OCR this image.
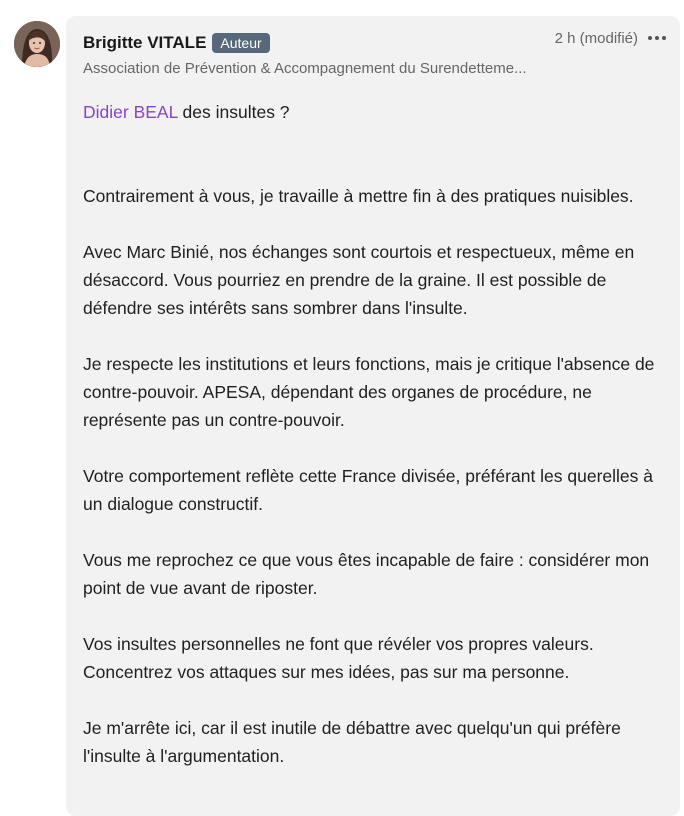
Brigitte VITALE	Auteur	2 h (modifié)
Association de Prévention & Accompagnement du Surendetteme...

Didier BEAL des insultes ?

Contrairement à vous, je travaille à mettre fin à des pratiques nuisibles.

Avec Marc Binié, nos échanges sont courtois et respectueux, même en désaccord. Vous pourriez en prendre de la graine. Il est possible de défendre ses intérêts sans sombrer dans l'insulte.

Je respecte les institutions et leurs fonctions, mais je critique l'absence de contre-pouvoir. APESA, dépendant des organes de procédure, ne représente pas un contre-pouvoir.

Votre comportement reflète cette France divisée, préférant les querelles à un dialogue constructif.

Vous me reprochez ce que vous êtes incapable de faire : considérer mon point de vue avant de riposter.

Vos insultes personnelles ne font que révéler vos propres valeurs. Concentrez vos attaques sur mes idées, pas sur ma personne.

Je m'arrête ici, car il est inutile de débattre avec quelqu'un qui préfère l'insulte à l'argumentation.
